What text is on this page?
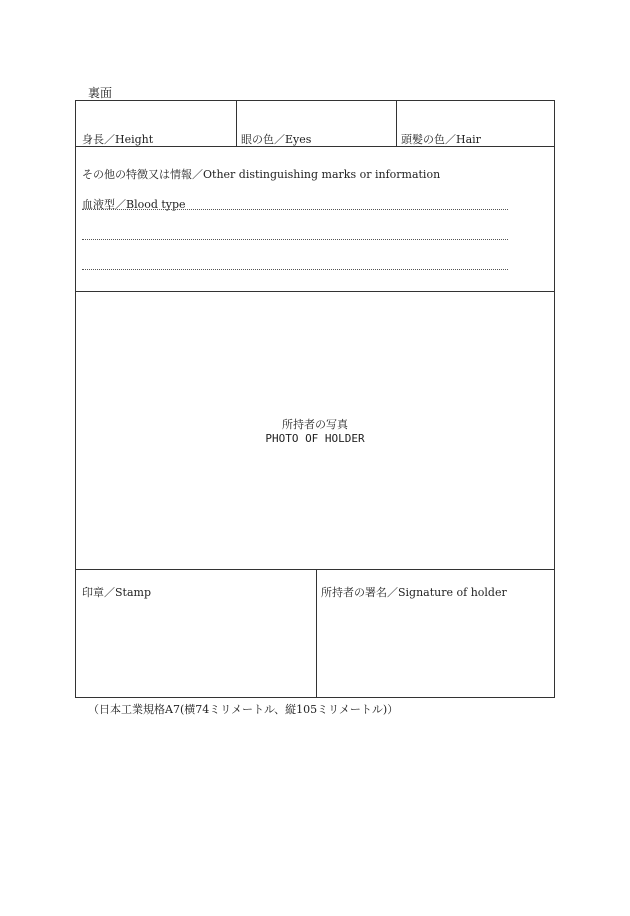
裏面
身長／Height	眼の色／Eyes	頭髪の色／Hair
その他の特徴又は情報／Other distinguishing marks or information
血液型／Blood type
所持者の写真
PHOTO OF HOLDER
印章／Stamp	所持者の署名／Signature of holder
（日本工業規格A7(横74ミリメートル、縦105ミリメートル)）
